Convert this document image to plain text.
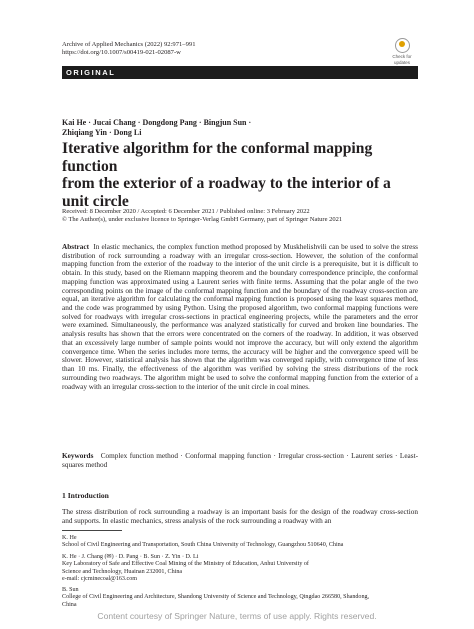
Archive of Applied Mechanics (2022) 92:971–991
https://doi.org/10.1007/s00419-021-02087-w
Check for
updates
ORIGINAL
Kai He · Jucai Chang · Dongdong Pang · Bingjun Sun ·
Zhiqiang Yin · Dong Li
Iterative algorithm for the conformal mapping function
from the exterior of a roadway to the interior of a unit circle
Received: 8 December 2020 / Accepted: 6 December 2021 / Published online: 3 February 2022
© The Author(s), under exclusive licence to Springer-Verlag GmbH Germany, part of Springer Nature 2021
Abstract In elastic mechanics, the complex function method proposed by Muskhelishvili can be used to solve the stress distribution of rock surrounding a roadway with an irregular cross-section. However, the solution of the conformal mapping function from the exterior of the roadway to the interior of the unit circle is a prerequisite, but it is difficult to obtain. In this study, based on the Riemann mapping theorem and the boundary correspondence principle, the conformal mapping function was approximated using a Laurent series with finite terms. Assuming that the polar angle of the two corresponding points on the image of the conformal mapping function and the boundary of the roadway cross-section are equal, an iterative algorithm for calculating the conformal mapping function is proposed using the least squares method, and the code was programmed by using Python. Using the proposed algorithm, two conformal mapping functions were solved for roadways with irregular cross-sections in practical engineering projects, while the parameters and the error were examined. Simultaneously, the performance was analyzed statistically for curved and broken line boundaries. The analysis results has shown that the errors were concentrated on the corners of the roadway. In addition, it was observed that an excessively large number of sample points would not improve the accuracy, but will only extend the algorithm convergence time. When the series includes more terms, the accuracy will be higher and the convergence speed will be slower. However, statistical analysis has shown that the algorithm was converged rapidly, with convergence time of less than 10 ms. Finally, the effectiveness of the algorithm was verified by solving the stress distributions of the rock surrounding two roadways. The algorithm might be used to solve the conformal mapping function from the exterior of a roadway with an irregular cross-section to the interior of the unit circle in coal mines.
Keywords Complex function method · Conformal mapping function · Irregular cross-section · Laurent series · Least-squares method
1 Introduction
The stress distribution of rock surrounding a roadway is an important basis for the design of the roadway cross-section and supports. In elastic mechanics, stress analysis of the rock surrounding a roadway with an
K. He
School of Civil Engineering and Transportation, South China University of Technology, Guangzhou 510640, China
K. He · J. Chang (✉) · D. Pang · B. Sun · Z. Yin · D. Li
Key Laboratory of Safe and Effective Coal Mining of the Ministry of Education, Anhui University of
Science and Technology, Huainan 232001, China
e-mail: cjcminecoal@163.com
B. Sun
College of Civil Engineering and Architecture, Shandong University of Science and Technology, Qingdao 266580, Shandong,
China
Content courtesy of Springer Nature, terms of use apply. Rights reserved.
